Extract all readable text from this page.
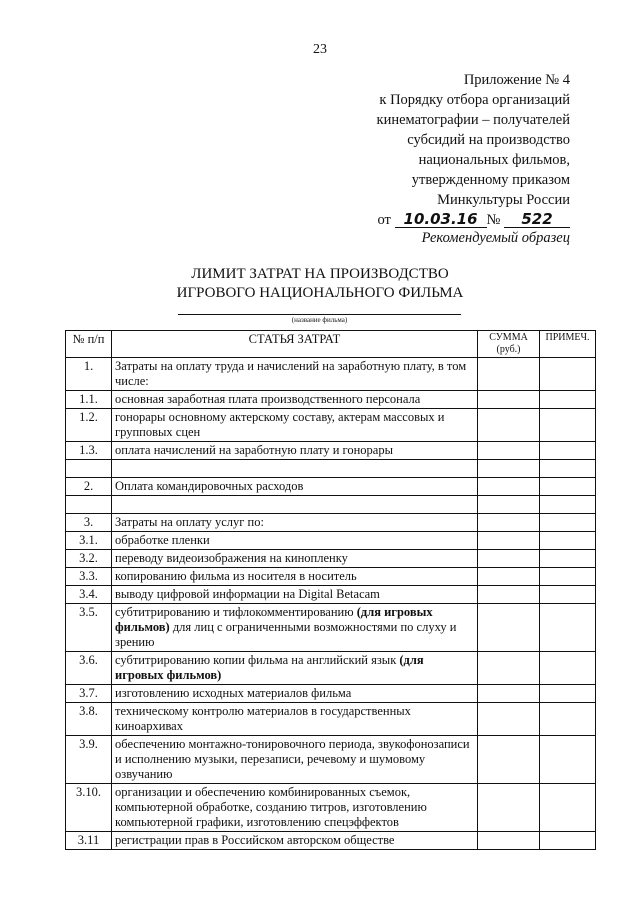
23
Приложение № 4
к Порядку отбора организаций
кинематографии – получателей
субсидий на производство
национальных фильмов,
утвержденному приказом
Минкультуры России
от 10.03.16 № 522
Рекомендуемый образец
ЛИМИТ ЗАТРАТ НА ПРОИЗВОДСТВО
ИГРОВОГО НАЦИОНАЛЬНОГО ФИЛЬМА
(название фильма)
№ п/п	СТАТЬЯ ЗАТРАТ	СУММА (руб.)	ПРИМЕЧ.
1.	Затраты на оплату труда и начислений на заработную плату, в том числе:		
1.1.	основная заработная плата производственного персонала		
1.2.	гонорары основному актерскому составу, актерам массовых и групповых сцен		
1.3.	оплата начислений на заработную плату и гонорары		

2.	Оплата командировочных расходов		

3.	Затраты на оплату услуг по:		
3.1.	обработке пленки		
3.2.	переводу видеоизображения на кинопленку		
3.3.	копированию фильма из носителя в носитель		
3.4.	выводу цифровой информации на Digital Betacam		
3.5.	субтитрированию и тифлокомментированию (для игровых фильмов) для лиц с ограниченными возможностями по слуху и зрению		
3.6.	субтитрированию копии фильма на английский язык (для игровых фильмов)		
3.7.	изготовлению исходных материалов фильма		
3.8.	техническому контролю материалов в государственных киноархивах		
3.9.	обеспечению монтажно-тонировочного периода, звукофонозаписи и исполнению музыки, перезаписи, речевому и шумовому озвучанию		
3.10.	организации и обеспечению комбинированных съемок, компьютерной обработке, созданию титров, изготовлению компьютерной графики, изготовлению спецэффектов		
3.11	регистрации прав в Российском авторском обществе		
